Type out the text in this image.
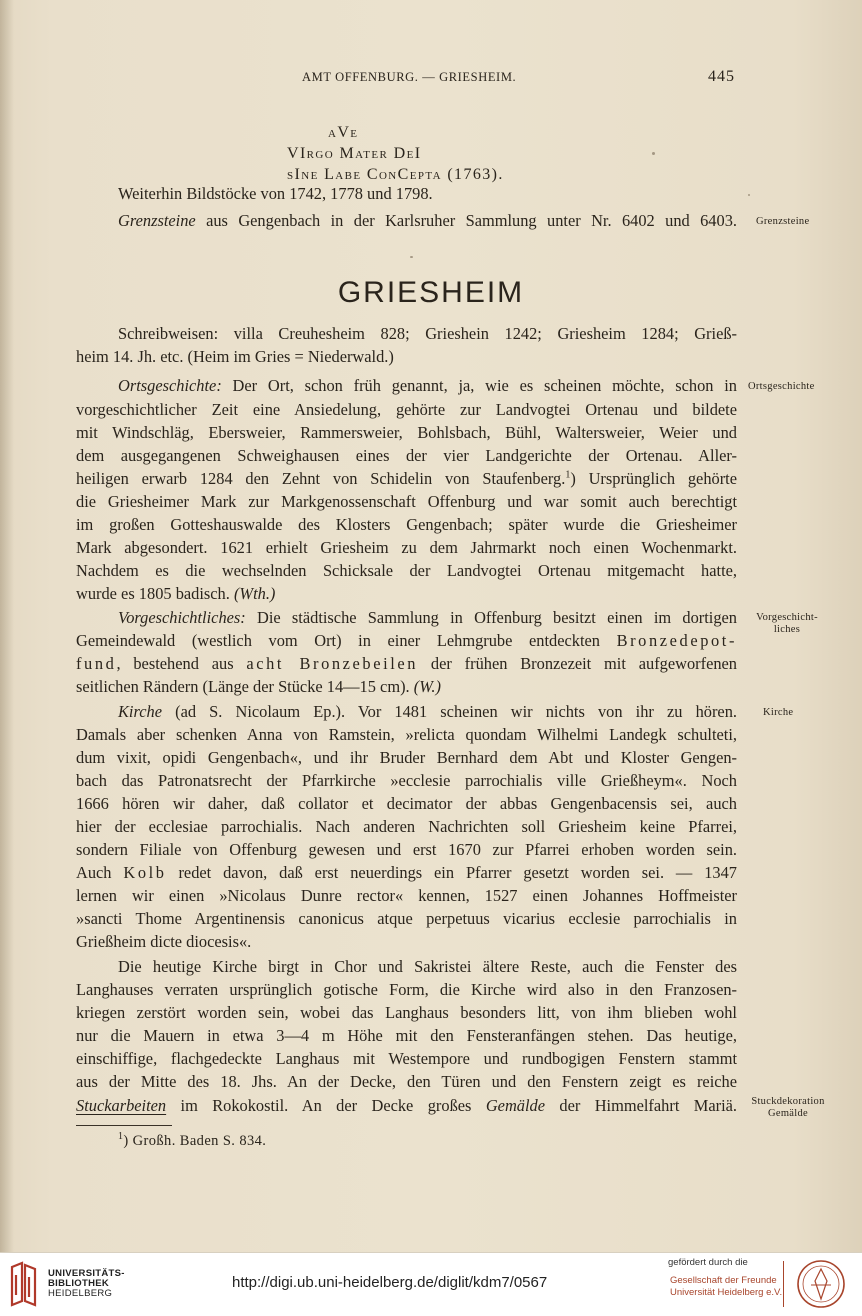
AMT OFFENBURG. — GRIESHEIM.	445
aVe
VIrgo Mater DeI
sIne Labe ConCepta (1763).
Weiterhin Bildstöcke von 1742, 1778 und 1798.
Grenzsteine aus Gengenbach in der Karlsruher Sammlung unter Nr. 6402 und 6403. Grenzsteine
GRIESHEIM
Schreibweisen: villa Creuhesheim 828; Grieshein 1242; Griesheim 1284; Grieß-
heim 14. Jh. etc. (Heim im Gries = Niederwald.)
Ortsgeschichte: Der Ort, schon früh genannt, ja, wie es scheinen möchte, schon in Ortsgeschichte
vorgeschichtlicher Zeit eine Ansiedelung, gehörte zur Landvogtei Ortenau und bildete
mit Windschläg, Ebersweier, Rammersweier, Bohlsbach, Bühl, Waltersweier, Weier und
dem ausgegangenen Schweighausen eines der vier Landgerichte der Ortenau. Aller-
heiligen erwarb 1284 den Zehnt von Schidelin von Staufenberg.$^1$) Ursprünglich gehörte
die Griesheimer Mark zur Markgenossenschaft Offenburg und war somit auch berechtigt
im großen Gotteshauswalde des Klosters Gengenbach; später wurde die Griesheimer
Mark abgesondert. 1621 erhielt Griesheim zu dem Jahrmarkt noch einen Wochenmarkt.
Nachdem es die wechselnden Schicksale der Landvogtei Ortenau mitgemacht hatte,
wurde es 1805 badisch. (Wth.)
Vorgeschichtliches: Die städtische Sammlung in Offenburg besitzt einen im dortigen	Vorgeschicht-
liches
Gemeindewald (westlich vom Ort) in einer Lehmgrube entdeckten Bronzedepot-
fund, bestehend aus acht Bronzebeilen der frühen Bronzezeit mit aufgeworfenen
seitlichen Rändern (Länge der Stücke 14—15 cm). (W.)
Kirche (ad S. Nicolaum Ep.). Vor 1481 scheinen wir nichts von ihr zu hören. Kirche
Damals aber schenken Anna von Ramstein, »relicta quondam Wilhelmi Landegk schulteti,
dum vixit, opidi Gengenbach«, und ihr Bruder Bernhard dem Abt und Kloster Gengen-
bach das Patronatsrecht der Pfarrkirche »ecclesie parrochialis ville Grießheym«. Noch
1666 hören wir daher, daß collator et decimator der abbas Gengenbacensis sei, auch
hier der ecclesiae parrochialis. Nach anderen Nachrichten soll Griesheim keine Pfarrei,
sondern Filiale von Offenburg gewesen und erst 1670 zur Pfarrei erhoben worden sein.
Auch Kolb redet davon, daß erst neuerdings ein Pfarrer gesetzt worden sei. — 1347
lernen wir einen »Nicolaus Dunre rector« kennen, 1527 einen Johannes Hoffmeister
»sancti Thome Argentinensis canonicus atque perpetuus vicarius ecclesie parrochialis in
Grießheim dicte diocesis«.
Die heutige Kirche birgt in Chor und Sakristei ältere Reste, auch die Fenster des
Langhauses verraten ursprünglich gotische Form, die Kirche wird also in den Franzosen-
kriegen zerstört worden sein, wobei das Langhaus besonders litt, von ihm blieben wohl
nur die Mauern in etwa 3—4 m Höhe mit den Fensteranfängen stehen. Das heutige,
einschiffige, flachgedeckte Langhaus mit Westempore und rundbogigen Fenstern stammt
aus der Mitte des 18. Jhs. An der Decke, den Türen und den Fenstern zeigt es reiche
Stuckarbeiten im Rokokostil. An der Decke großes Gemälde der Himmelfahrt Mariä.	Stuckdekoration
Gemälde
$^1$) Großh. Baden S. 834.
UNIVERSITÄTS-
BIBLIOTHEK
HEIDELBERG
http://digi.ub.uni-heidelberg.de/diglit/kdm7/0567
gefördert durch die
Gesellschaft der Freunde
Universität Heidelberg e.V.
